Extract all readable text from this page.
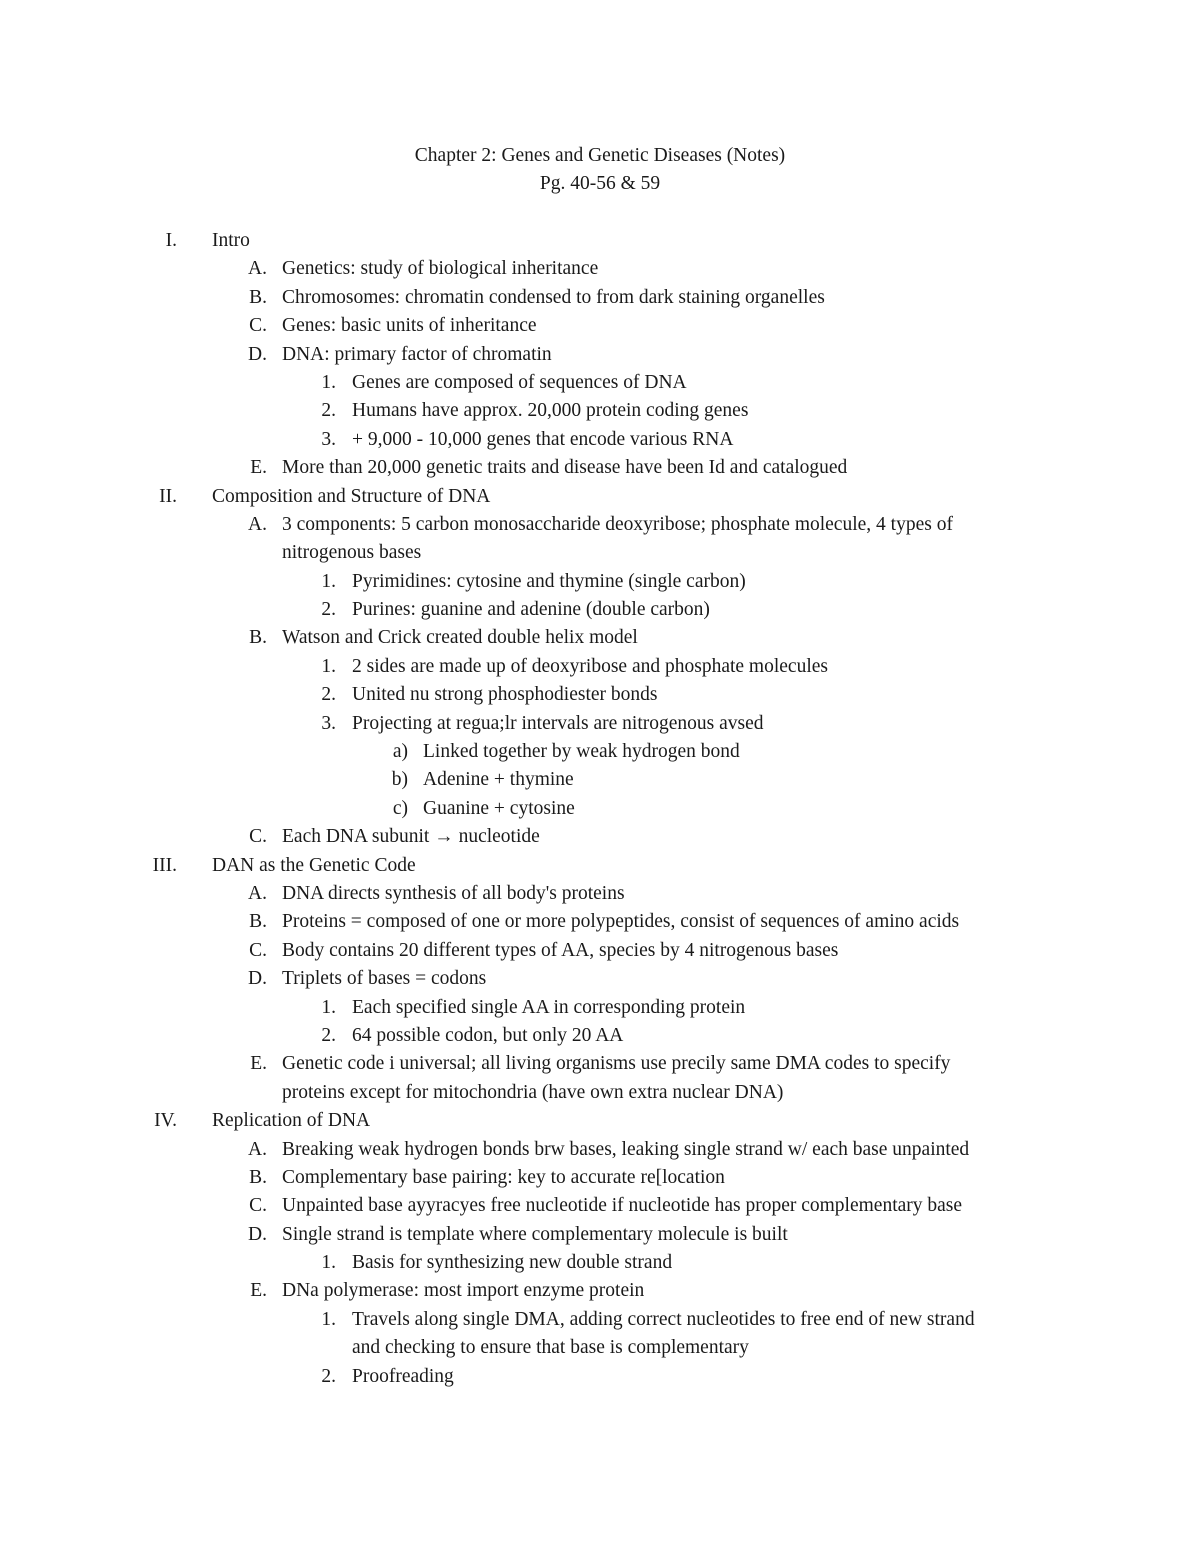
Chapter 2: Genes and Genetic Diseases (Notes)
Pg. 40-56 & 59
I. Intro
A. Genetics: study of biological inheritance
B. Chromosomes: chromatin condensed to from dark staining organelles
C. Genes: basic units of inheritance
D. DNA: primary factor of chromatin
1. Genes are composed of sequences of DNA
2. Humans have approx. 20,000 protein coding genes
3. + 9,000 - 10,000 genes that encode various RNA
E. More than 20,000 genetic traits and disease have been Id and catalogued
II. Composition and Structure of DNA
A. 3 components: 5 carbon monosaccharide deoxyribose; phosphate molecule, 4 types of
nitrogenous bases
1. Pyrimidines: cytosine and thymine (single carbon)
2. Purines: guanine and adenine (double carbon)
B. Watson and Crick created double helix model
1. 2 sides are made up of deoxyribose and phosphate molecules
2. United nu strong phosphodiester bonds
3. Projecting at regua;lr intervals are nitrogenous avsed
a) Linked together by weak hydrogen bond
b) Adenine + thymine
c) Guanine + cytosine
C. Each DNA subunit → nucleotide
III. DAN as the Genetic Code
A. DNA directs synthesis of all body's proteins
B. Proteins = composed of one or more polypeptides, consist of sequences of amino acids
C. Body contains 20 different types of AA, species by 4 nitrogenous bases
D. Triplets of bases = codons
1. Each specified single AA in corresponding protein
2. 64 possible codon, but only 20 AA
E. Genetic code i universal; all living organisms use precily same DMA codes to specify
proteins except for mitochondria (have own extra nuclear DNA)
IV. Replication of DNA
A. Breaking weak hydrogen bonds brw bases, leaking single strand w/ each base unpainted
B. Complementary base pairing: key to accurate re[location
C. Unpainted base ayyracyes free nucleotide if nucleotide has proper complementary base
D. Single strand is template where complementary molecule is built
1. Basis for synthesizing new double strand
E. DNa polymerase: most import enzyme protein
1. Travels along single DMA, adding correct nucleotides to free end of new strand
and checking to ensure that base is complementary
2. Proofreading
